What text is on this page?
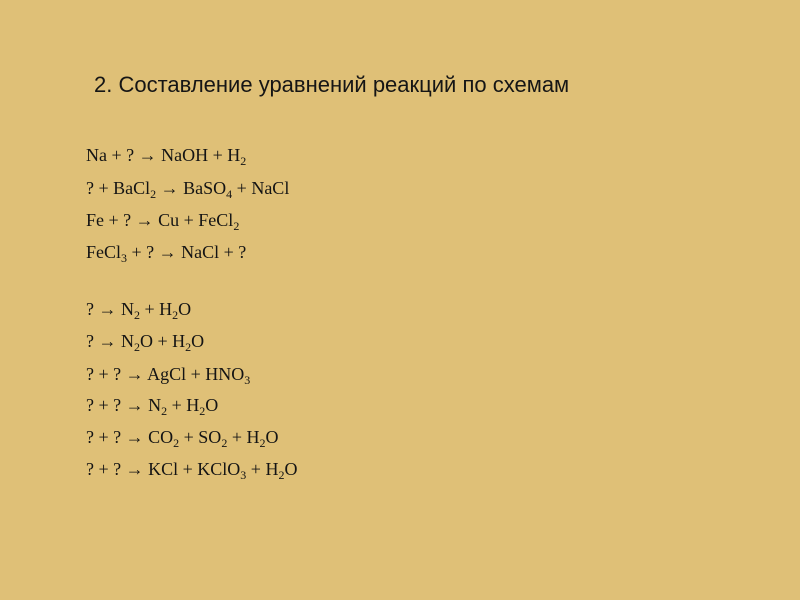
2. Составление уравнений реакций по схемам
Na + ? → NaOH + $H_2$
? + BaCl$_2$ → BaSO$_4$ + NaCl
Fe + ? → Cu + FeCl$_2$
FeCl$_3$ + ? → NaCl + ?
? → $N_2 + H_2O$
? → $N_2O + H_2O$
? + ? → AgCl + $HNO_3$
? + ? → $N_2 + H_2O$
? + ? → $CO_2 + SO_2 + H_2O$
? + ? → KCl + KClO$_3$ + $H_2O$
